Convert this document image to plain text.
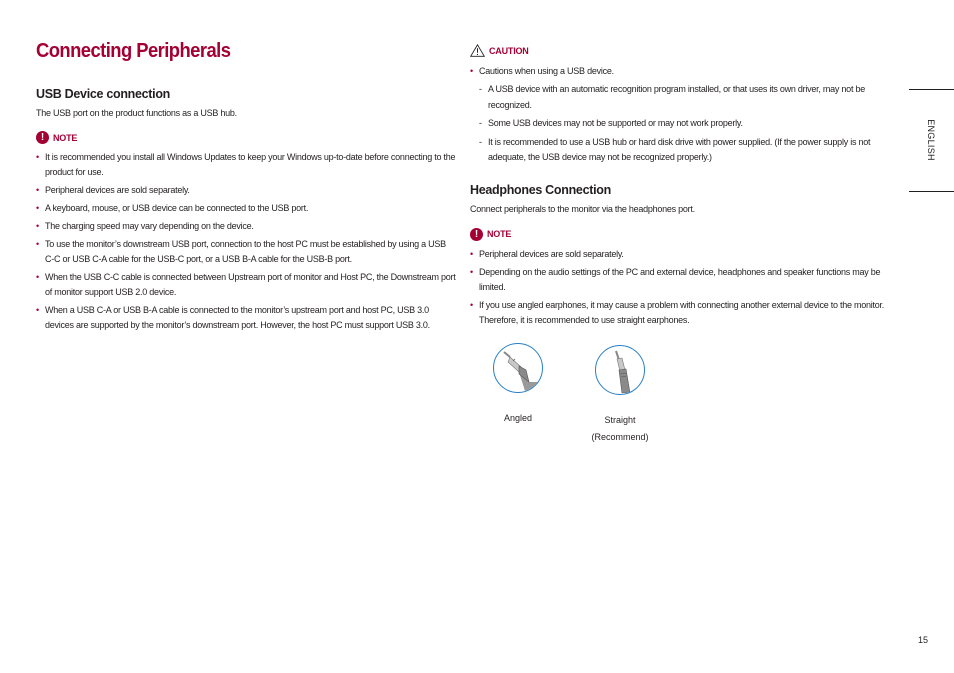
Connecting Peripherals
USB Device connection

The USB port on the product functions as a USB hub.

! NOTE
• It is recommended you install all Windows Updates to keep your Windows up-to-date before connecting to the product for use.
• Peripheral devices are sold separately.
• A keyboard, mouse, or USB device can be connected to the USB port.
• The charging speed may vary depending on the device.
• To use the monitor’s downstream USB port, connection to the host PC must be established by using a USB C-C or USB C-A cable for the USB-C port, or a USB B-A cable for the USB-B port.
• When the USB C-C cable is connected between Upstream port of monitor and Host PC, the Downstream port of monitor support USB 2.0 device.
• When a USB C-A or USB B-A cable is connected to the monitor’s upstream port and host PC, USB 3.0 devices are supported by the monitor’s downstream port. However, the host PC must support USB 3.0.
CAUTION
• Cautions when using a USB device.
- A USB device with an automatic recognition program installed, or that uses its own driver, may not be recognized.
- Some USB devices may not be supported or may not work properly.
- It is recommended to use a USB hub or hard disk drive with power supplied. (If the power supply is not adequate, the USB device may not be recognized properly.)
Headphones Connection

Connect peripherals to the monitor via the headphones port.

! NOTE
• Peripheral devices are sold separately.
• Depending on the audio settings of the PC and external device, headphones and speaker functions may be limited.
• If you use angled earphones, it may cause a problem with connecting another external device to the monitor. Therefore, it is recommended to use straight earphones.
Angled	Straight
(Recommend)
ENGLISH
15
